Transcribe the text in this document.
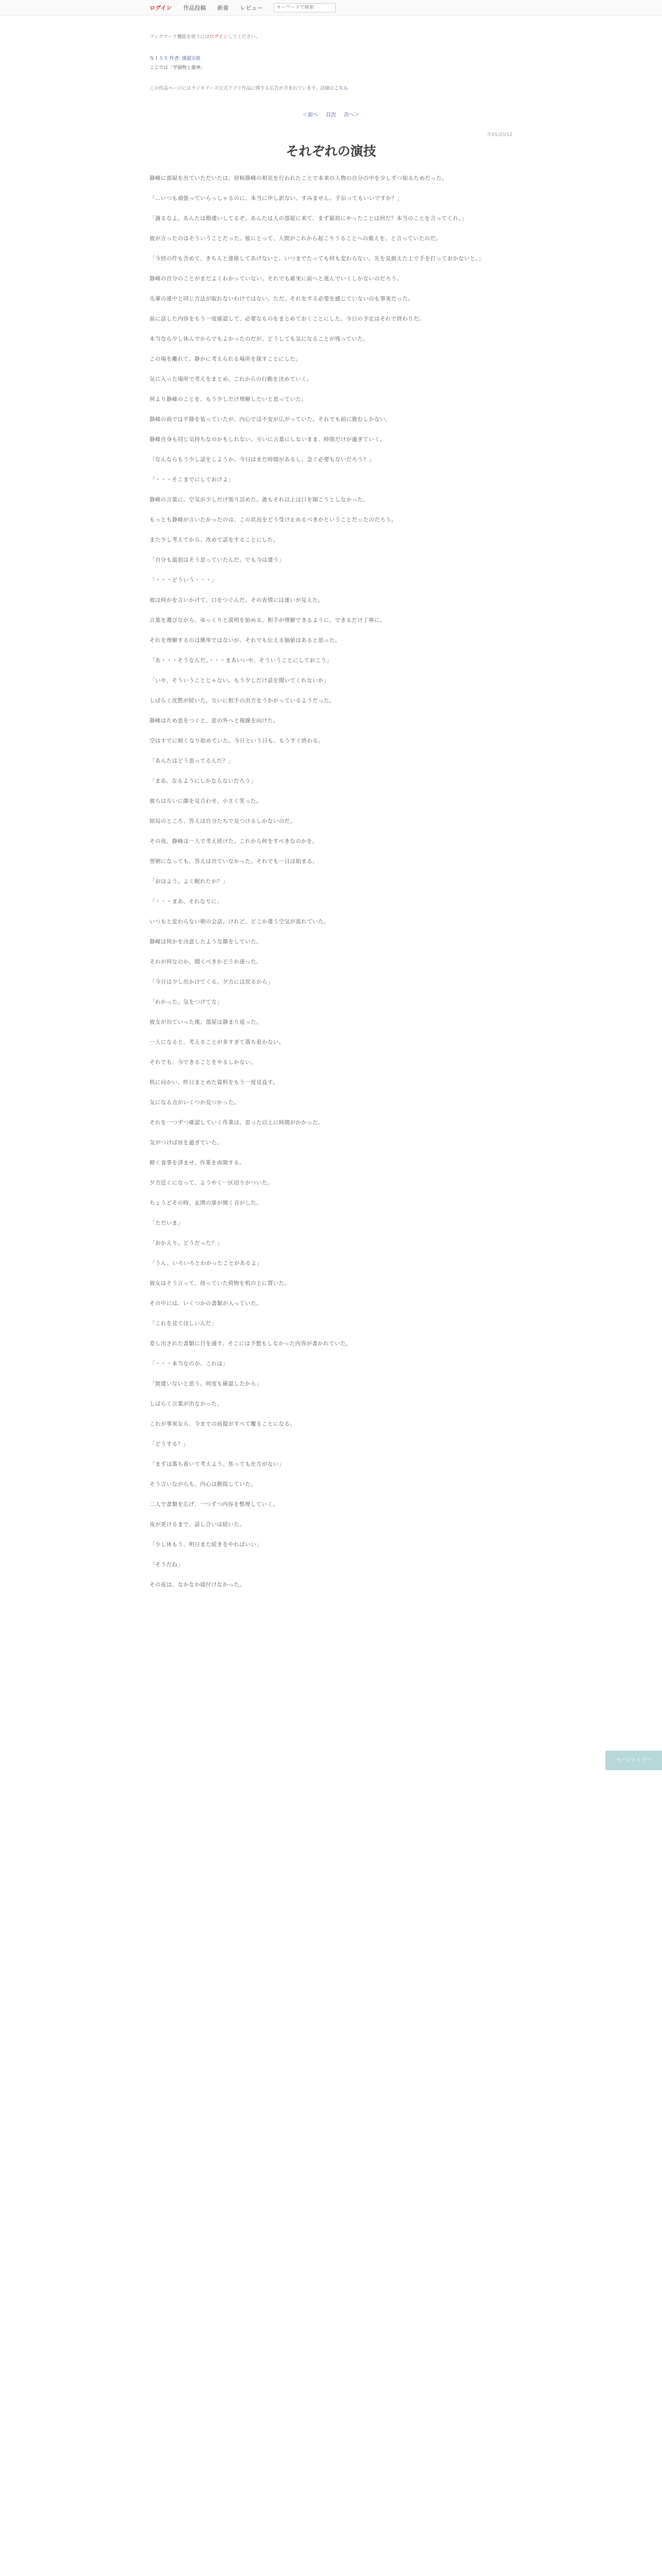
ログイン 作品投稿 新着 レビュー
キーワードで検索
ブックマーク機能を使うにはログインしてください。
ＮＩＳＳ 作者: 凛道宗祖
ここでは「学園物と龍神」
この作品ページにはラジキアーズ公式アプリ作品に関する広告が含まれています。詳細はこちら
＜前へ 目次 次へ＞
年01/23/12
それぞれの演技

静峰に部屋を出ていただいたは、居候静峰の相克を行われたことで本来の人物の自分の中を少しずつ知るためだった。

「…いつも頑張っていらっしゃるのに、本当に申し訳ない。すみません。手伝ってもいいですか？」

「謝るなよ。あんたは勘違いしてるぞ。あんたは人の部屋に来て、まず最初にやったことは何だ？本当のことを言ってくれ。」

彼が言ったのはそういうことだった。彼にとって、人間がこれから起こりうることへの備えを、と言っていたのだ。

「今回の件も含めて、きちんと連絡してあげないと、いつまでたっても何も変わらない。先を見据えた上で手を打っておかないと。」

静峰の自分のことがまだよくわかっていない。それでも確実に前へと進んでいくしかないのだろう。

先輩の連中と同じ方法が取れないわけではない。ただ、それをする必要を感じていないのも事実だった。

前に話した内容をもう一度確認して、必要なものをまとめておくことにした。今日の予定はそれで終わりだ。

本当なら少し休んでからでもよかったのだが、どうしても気になることが残っていた。

この場を離れて、静かに考えられる場所を探すことにした。

気に入った場所で考えをまとめ、これからの行動を決めていく。

何より静峰のことを、もう少しだけ理解したいと思っていた。

静峰の前では平静を装っていたが、内心では不安が広がっていた。それでも前に進むしかない。

静峰自身も同じ気持ちなのかもしれない。互いに言葉にしないまま、時間だけが過ぎていく。

「なんならもう少し話をしようか。今日はまだ時間があるし、急ぐ必要もないだろう？」

「・・・そこまでにしておけよ」

静峰の言葉に、空気が少しだけ張り詰めた。誰もそれ以上は口を開こうとしなかった。

もっとも静峰が言いたかったのは、この状況をどう受け止めるべきかということだったのだろう。

また少し考えてから、改めて話をすることにした。

「自分も最初はそう思っていたんだ。でも今は違う」

「・・・どういう・・・」

彼は何かを言いかけて、口をつぐんだ。その表情には迷いが見えた。

言葉を選びながら、ゆっくりと説明を始める。相手が理解できるように、できるだけ丁寧に。

それを理解するのは簡単ではないが、それでも伝える価値はあると思った。

「あ・・・そうなんだ。・・・まあいいや、そういうことにしておこう」

「いや、そういうことじゃない。もう少しだけ話を聞いてくれないか」

しばらく沈黙が続いた。互いに相手の出方をうかがっているようだった。

静峰はため息をつくと、窓の外へと視線を向けた。

空はすでに暗くなり始めていた。今日という日も、もうすぐ終わる。

「あんたはどう思ってるんだ？」

「まあ、なるようにしかならないだろう」

彼らは互いに顔を見合わせ、小さく笑った。

結局のところ、答えは自分たちで見つけるしかないのだ。

その夜、静峰は一人で考え続けた。これから何をすべきなのかを。

翌朝になっても、答えは出ていなかった。それでも一日は始まる。

「おはよう。よく眠れたか？」

「・・・まあ、それなりに」

いつもと変わらない朝の会話。けれど、どこか違う空気が流れていた。

静峰は何かを決意したような顔をしていた。

それが何なのか、聞くべきかどうか迷った。

「今日は少し出かけてくる。夕方には戻るから」

「わかった。気をつけてな」

彼女が出ていった後、部屋は静まり返った。

一人になると、考えることが多すぎて落ち着かない。

それでも、今できることをやるしかない。

机に向かい、昨日まとめた資料をもう一度見直す。

気になる点がいくつか見つかった。

それを一つずつ確認していく作業は、思った以上に時間がかかった。

気がつけば昼を過ぎていた。

軽く食事を済ませ、作業を再開する。

夕方近くになって、ようやく一区切りがついた。

ちょうどその時、玄関の扉が開く音がした。

「ただいま」

「おかえり。どうだった？」

「うん、いろいろとわかったことがあるよ」

彼女はそう言って、持っていた荷物を机の上に置いた。

その中には、いくつかの書類が入っていた。

「これを見てほしいんだ」

差し出された書類に目を通す。そこには予想もしなかった内容が書かれていた。

「・・・本当なのか、これは」

「間違いないと思う。何度も確認したから」

しばらく言葉が出なかった。

これが事実なら、今までの前提がすべて覆ることになる。

「どうする？」

「まずは落ち着いて考えよう。焦っても仕方がない」

そう言いながらも、内心は動揺していた。

二人で書類を広げ、一つずつ内容を整理していく。

夜が更けるまで、話し合いは続いた。

「少し休もう。明日また続きをやればいい」

「そうだね」

その夜は、なかなか寝付けなかった。

ページトップへ
